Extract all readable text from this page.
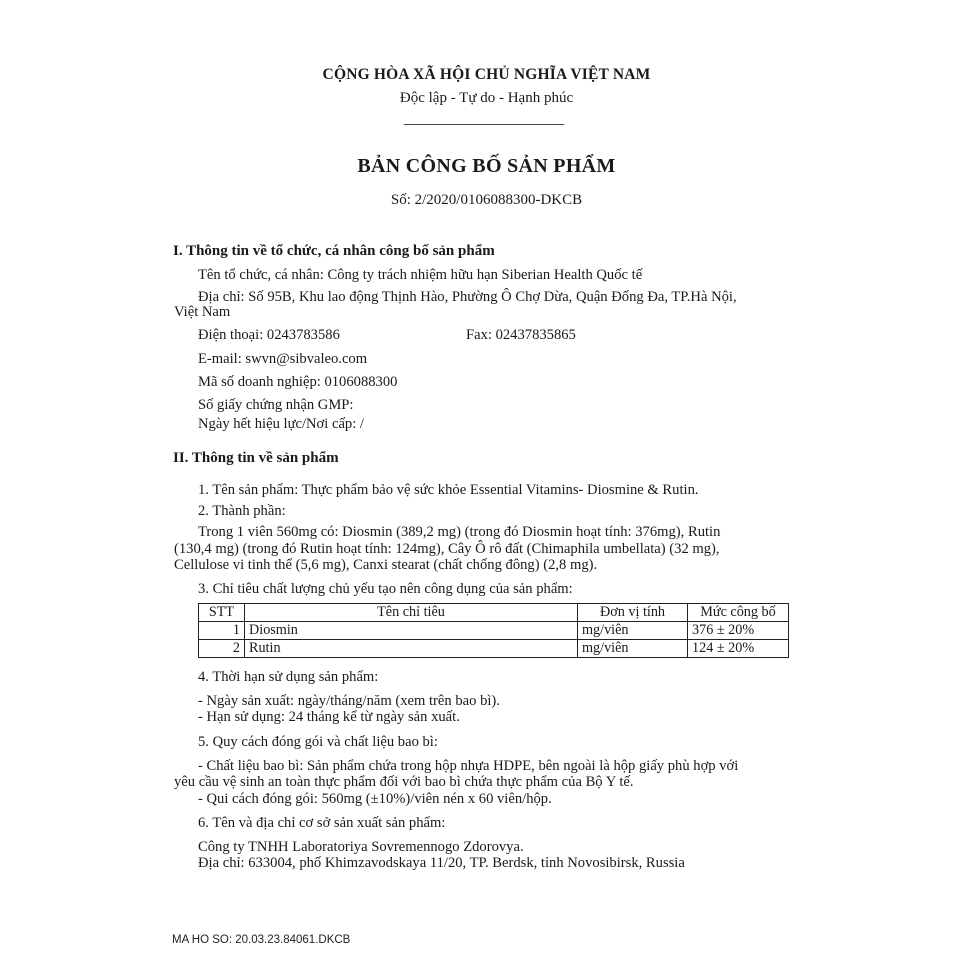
CỘNG HÒA XÃ HỘI CHỦ NGHĨA VIỆT NAM
Độc lập - Tự do - Hạnh phúc
BẢN CÔNG BỐ SẢN PHẨM
Số: 2/2020/0106088300-DKCB
I. Thông tin về tổ chức, cá nhân công bố sản phẩm
Tên tổ chức, cá nhân: Công ty trách nhiệm hữu hạn Siberian Health Quốc tế
Địa chỉ: Số 95B, Khu lao động Thịnh Hào, Phường Ô Chợ Dừa, Quận Đống Đa, TP.Hà Nội,
Việt Nam
Điện thoại: 0243783586	Fax: 02437835865
E-mail: swvn@sibvaleo.com
Mã số doanh nghiệp: 0106088300
Số giấy chứng nhận GMP:
Ngày hết hiệu lực/Nơi cấp: /
II. Thông tin về sản phẩm
1. Tên sản phẩm: Thực phẩm bảo vệ sức khỏe Essential Vitamins- Diosmine & Rutin.
2. Thành phần:
Trong 1 viên 560mg có: Diosmin (389,2 mg) (trong đó Diosmin hoạt tính: 376mg), Rutin
(130,4 mg) (trong đó Rutin hoạt tính: 124mg), Cây Ô rô đất (Chimaphila umbellata) (32 mg),
Cellulose vi tinh thể (5,6 mg), Canxi stearat (chất chống đông) (2,8 mg).
3. Chỉ tiêu chất lượng chủ yếu tạo nên công dụng của sản phẩm:
STT	Tên chỉ tiêu	Đơn vị tính	Mức công bố
1	Diosmin	mg/viên	376 ± 20%
2	Rutin	mg/viên	124 ± 20%
4. Thời hạn sử dụng sản phẩm:
- Ngày sản xuất: ngày/tháng/năm (xem trên bao bì).
- Hạn sử dụng: 24 tháng kể từ ngày sản xuất.
5. Quy cách đóng gói và chất liệu bao bì:
- Chất liệu bao bì: Sản phẩm chứa trong hộp nhựa HDPE, bên ngoài là hộp giấy phù hợp với
yêu cầu vệ sinh an toàn thực phẩm đối với bao bì chứa thực phẩm của Bộ Y tế.
- Qui cách đóng gói: 560mg (±10%)/viên nén x 60 viên/hộp.
6. Tên và địa chỉ cơ sở sản xuất sản phẩm:
Công ty TNHH Laboratoriya Sovremennogo Zdorovya.
Địa chỉ: 633004, phố Khimzavodskaya 11/20, TP. Berdsk, tỉnh Novosibirsk, Russia
MA HO SO: 20.03.23.84061.DKCB
